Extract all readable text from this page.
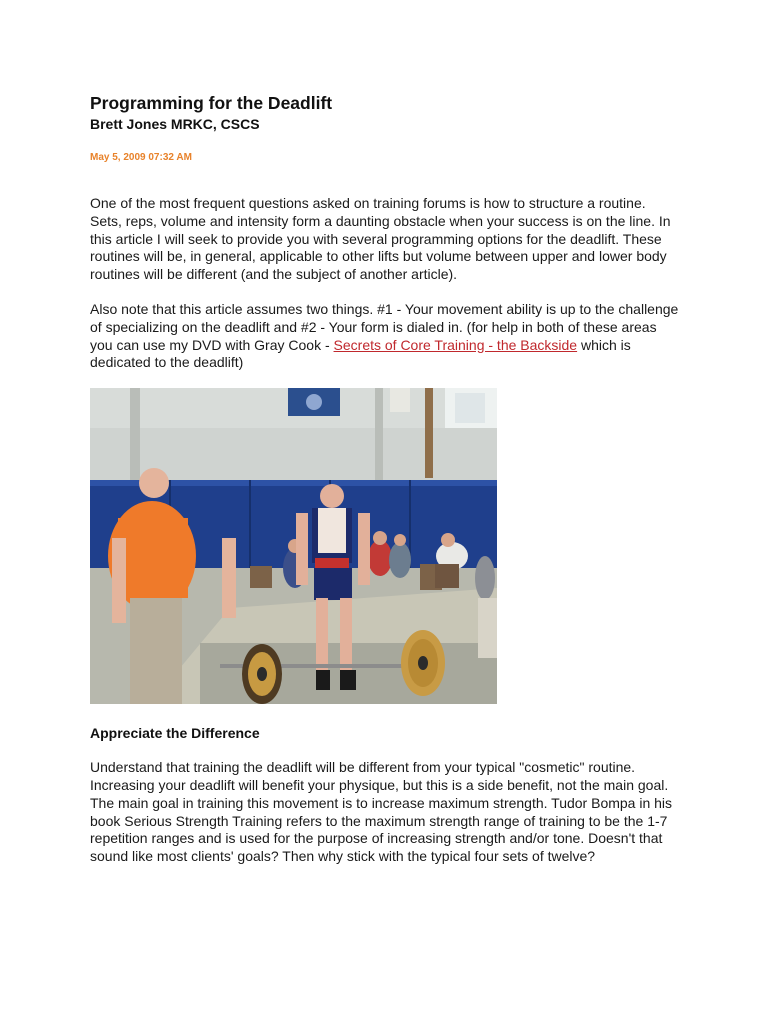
Programming for the Deadlift
Brett Jones MRKC, CSCS
May 5, 2009 07:32 AM

One of the most frequent questions asked on training forums is how to structure a routine. Sets, reps, volume and intensity form a daunting obstacle when your success is on the line. In this article I will seek to provide you with several programming options for the deadlift. These routines will be, in general, applicable to other lifts but volume between upper and lower body routines will be different (and the subject of another article).

Also note that this article assumes two things. #1 - Your movement ability is up to the challenge of specializing on the deadlift and #2 - Your form is dialed in. (for help in both of these areas you can use my DVD with Gray Cook - Secrets of Core Training - the Backside which is dedicated to the deadlift)

Appreciate the Difference

Understand that training the deadlift will be different from your typical "cosmetic" routine. Increasing your deadlift will benefit your physique, but this is a side benefit, not the main goal. The main goal in training this movement is to increase maximum strength. Tudor Bompa in his book Serious Strength Training refers to the maximum strength range of training to be the 1-7 repetition ranges and is used for the purpose of increasing strength and/or tone. Doesn't that sound like most clients' goals? Then why stick with the typical four sets of twelve?
